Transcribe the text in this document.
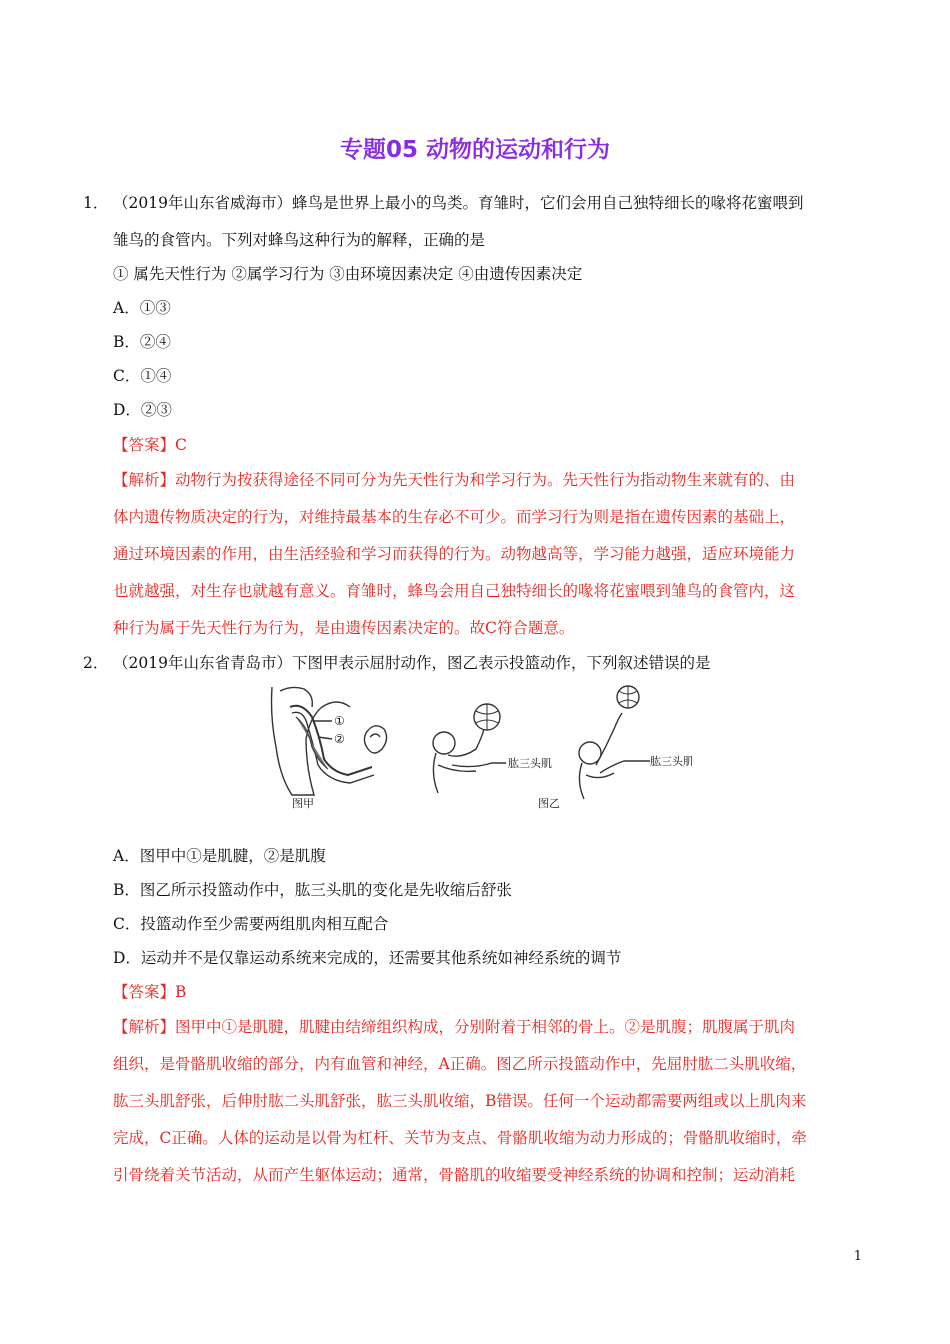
专题05 动物的运动和行为
1． （2019年山东省威海市）蜂鸟是世界上最小的鸟类。育雏时，它们会用自己独特细长的喙将花蜜喂到
雏鸟的食管内。下列对蜂鸟这种行为的解释，正确的是
① 属先天性行为 ②属学习行为 ③由环境因素决定 ④由遗传因素决定
A．①③
B．②④
C．①④
D．②③
【答案】C
【解析】动物行为按获得途径不同可分为先天性行为和学习行为。先天性行为指动物生来就有的、由
体内遗传物质决定的行为，对维持最基本的生存必不可少。而学习行为则是指在遗传因素的基础上，
通过环境因素的作用，由生活经验和学习而获得的行为。动物越高等，学习能力越强，适应环境能力
也就越强，对生存也就越有意义。育雏时，蜂鸟会用自己独特细长的喙将花蜜喂到雏鸟的食管内，这
种行为属于先天性行为行为，是由遗传因素决定的。故C符合题意。
2． （2019年山东省青岛市）下图甲表示屈肘动作，图乙表示投篮动作，下列叙述错误的是
①
②
图甲
肱三头肌	肱三头肌
图乙
A．图甲中①是肌腱，②是肌腹
B．图乙所示投篮动作中，肱三头肌的变化是先收缩后舒张
C．投篮动作至少需要两组肌肉相互配合
D．运动并不是仅靠运动系统来完成的，还需要其他系统如神经系统的调节
【答案】B
【解析】图甲中①是肌腱，肌腱由结缔组织构成，分别附着于相邻的骨上。②是肌腹；肌腹属于肌肉
组织，是骨骼肌收缩的部分，内有血管和神经，A正确。图乙所示投篮动作中，先屈肘肱二头肌收缩，
肱三头肌舒张，后伸肘肱二头肌舒张，肱三头肌收缩，B错误。任何一个运动都需要两组或以上肌肉来
完成，C正确。人体的运动是以骨为杠杆、关节为支点、骨骼肌收缩为动力形成的；骨骼肌收缩时，牵
引骨绕着关节活动，从而产生躯体运动；通常，骨骼肌的收缩要受神经系统的协调和控制；运动消耗
1
